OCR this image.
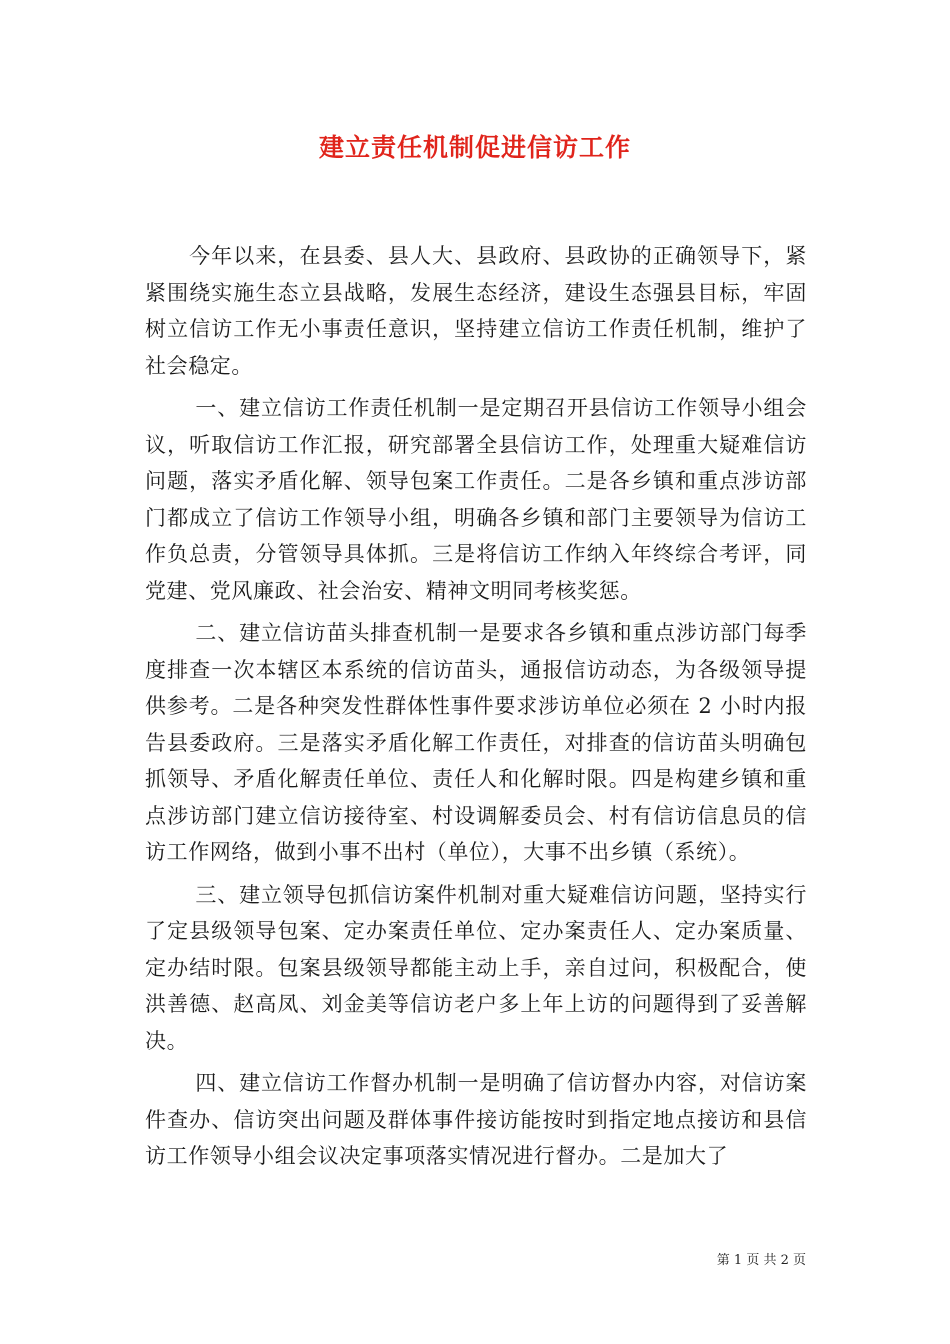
建立责任机制促进信访工作

今年以来，在县委、县人大、县政府、县政协的正确领导下，紧紧围绕实施生态立县战略，发展生态经济，建设生态强县目标，牢固树立信访工作无小事责任意识，坚持建立信访工作责任机制，维护了社会稳定。

一、建立信访工作责任机制一是定期召开县信访工作领导小组会议，听取信访工作汇报，研究部署全县信访工作，处理重大疑难信访问题，落实矛盾化解、领导包案工作责任。二是各乡镇和重点涉访部门都成立了信访工作领导小组，明确各乡镇和部门主要领导为信访工作负总责，分管领导具体抓。三是将信访工作纳入年终综合考评，同党建、党风廉政、社会治安、精神文明同考核奖惩。

二、建立信访苗头排查机制一是要求各乡镇和重点涉访部门每季度排查一次本辖区本系统的信访苗头，通报信访动态，为各级领导提供参考。二是各种突发性群体性事件要求涉访单位必须在 2 小时内报告县委政府。三是落实矛盾化解工作责任，对排查的信访苗头明确包抓领导、矛盾化解责任单位、责任人和化解时限。四是构建乡镇和重点涉访部门建立信访接待室、村设调解委员会、村有信访信息员的信访工作网络，做到小事不出村（单位），大事不出乡镇（系统）。

三、建立领导包抓信访案件机制对重大疑难信访问题，坚持实行了定县级领导包案、定办案责任单位、定办案责任人、定办案质量、定办结时限。包案县级领导都能主动上手，亲自过问，积极配合，使洪善德、赵高凤、刘金美等信访老户多上年上访的问题得到了妥善解决。

四、建立信访工作督办机制一是明确了信访督办内容，对信访案件查办、信访突出问题及群体事件接访能按时到指定地点接访和县信访工作领导小组会议决定事项落实情况进行督办。二是加大了

第 1 页 共 2 页
